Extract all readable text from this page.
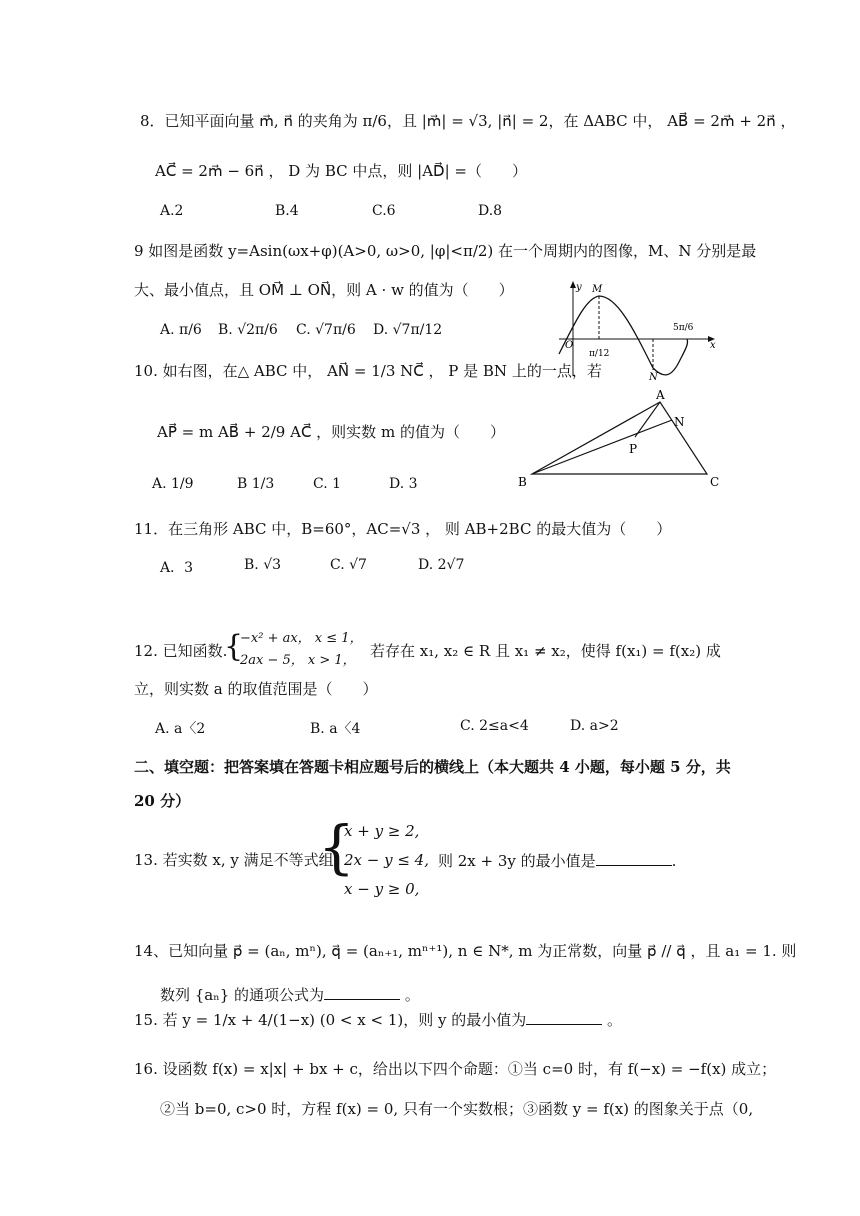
8．已知平面向量 m⃗, n⃗ 的夹角为 π/6，且 |m⃗| = √3, |n⃗| = 2，在 ΔABC 中， AB⃗ = 2m⃗ + 2n⃗ ，
AC⃗ = 2m⃗ − 6n⃗ ， D 为 BC 中点，则 |AD⃗| =（　　）
A.2	B.4	C.6	D.8
9 如图是函数 y=Asin(ωx+φ)(A>0, ω>0, |φ|<π/2) 在一个周期内的图像，M、N 分别是最
大、最小值点，且 OM⃗ ⊥ ON⃗，则 A · w 的值为（　　）
A. π/6 B. √2π/6 C. √7π/6 D. √7π/12
y
x
O
M
N
π/12
5π/6
10. 如右图，在△ ABC 中， AN⃗ = 1/3 NC⃗ ， P 是 BN 上的一点，若
AP⃗ = m AB⃗ + 2/9 AC⃗ ，则实数 m 的值为（　　）
A. 1/9	B 1/3	C. 1	D. 3
A
N
P
B	C
11．在三角形 ABC 中，B=60°，AC=√3 ， 则 AB+2BC 的最大值为（　　）
A．3	B. √3	C. √7	D. 2√7
12. 已知函数.
{
−x² + ax， x ≤ 1，
2ax − 5， x > 1，
若存在 x₁, x₂ ∈ R 且 x₁ ≠ x₂，使得 f(x₁) = f(x₂) 成
立，则实数 a 的取值范围是（　　）
A. a〈2	B. a〈4	C. 2≤a<4	D. a>2
二、填空题：把答案填在答题卡相应题号后的横线上（本大题共 4 小题，每小题 5 分，共
20 分）
13. 若实数 x, y 满足不等式组
{
x + y ≥ 2,
2x − y ≤ 4,
x − y ≥ 0,
则 2x + 3y 的最小值是	.
14、已知向量 p⃗ = (aₙ, mⁿ), q⃗ = (aₙ₊₁, mⁿ⁺¹), n ∈ N*, m 为正常数，向量 p⃗ // q⃗ ，且 a₁ = 1. 则
数列 {aₙ} 的通项公式为	。
15. 若 y = 1/x + 4/(1−x) (0 < x < 1)，则 y 的最小值为	。
16. 设函数 f(x) = x|x| + bx + c，给出以下四个命题：①当 c=0 时，有 f(−x) = −f(x) 成立；
②当 b=0, c>0 时，方程 f(x) = 0, 只有一个实数根；③函数 y = f(x) 的图象关于点（0,
